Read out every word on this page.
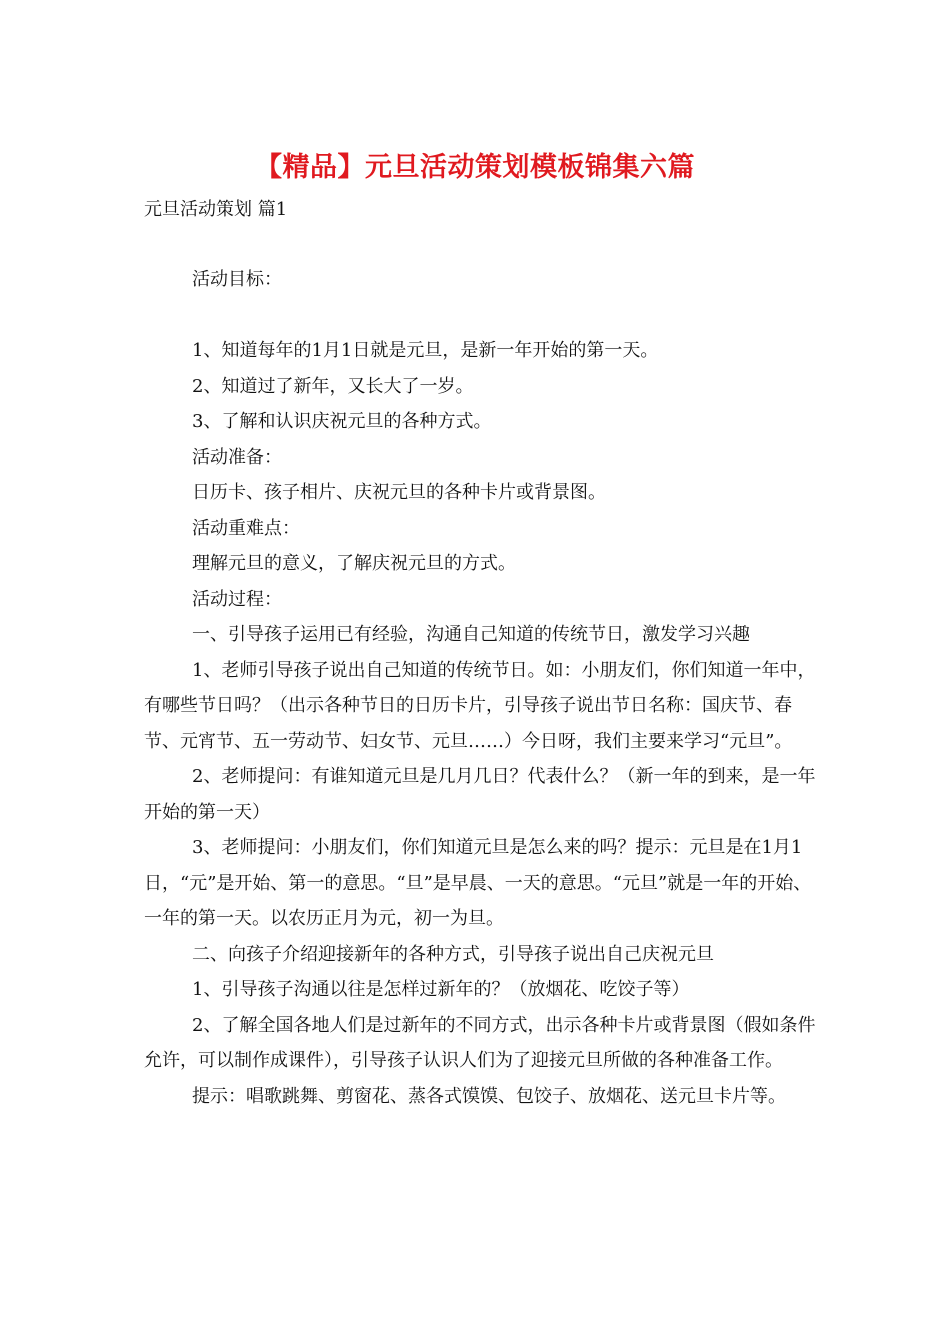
【精品】元旦活动策划模板锦集六篇
元旦活动策划 篇1
活动目标：

1、知道每年的1月1日就是元旦，是新一年开始的第一天。

2、知道过了新年，又长大了一岁。

3、了解和认识庆祝元旦的各种方式。

活动准备：

日历卡、孩子相片、庆祝元旦的各种卡片或背景图。

活动重难点：

理解元旦的意义，了解庆祝元旦的方式。

活动过程：

一、引导孩子运用已有经验，沟通自己知道的传统节日，激发学习兴趣

1、老师引导孩子说出自己知道的传统节日。如：小朋友们，你们知道一年中，有哪些节日吗？（出示各种节日的日历卡片，引导孩子说出节日名称：国庆节、春节、元宵节、五一劳动节、妇女节、元旦……）今日呀，我们主要来学习“元旦”。

2、老师提问：有谁知道元旦是几月几日？代表什么？（新一年的到来，是一年开始的第一天）

3、老师提问：小朋友们，你们知道元旦是怎么来的吗？提示：元旦是在1月1日，“元”是开始、第一的意思。“旦”是早晨、一天的意思。“元旦”就是一年的开始、一年的第一天。以农历正月为元，初一为旦。

二、向孩子介绍迎接新年的各种方式，引导孩子说出自己庆祝元旦

1、引导孩子沟通以往是怎样过新年的？（放烟花、吃饺子等）

2、了解全国各地人们是过新年的不同方式，出示各种卡片或背景图（假如条件允许，可以制作成课件），引导孩子认识人们为了迎接元旦所做的各种准备工作。

提示：唱歌跳舞、剪窗花、蒸各式馍馍、包饺子、放烟花、送元旦卡片等。
